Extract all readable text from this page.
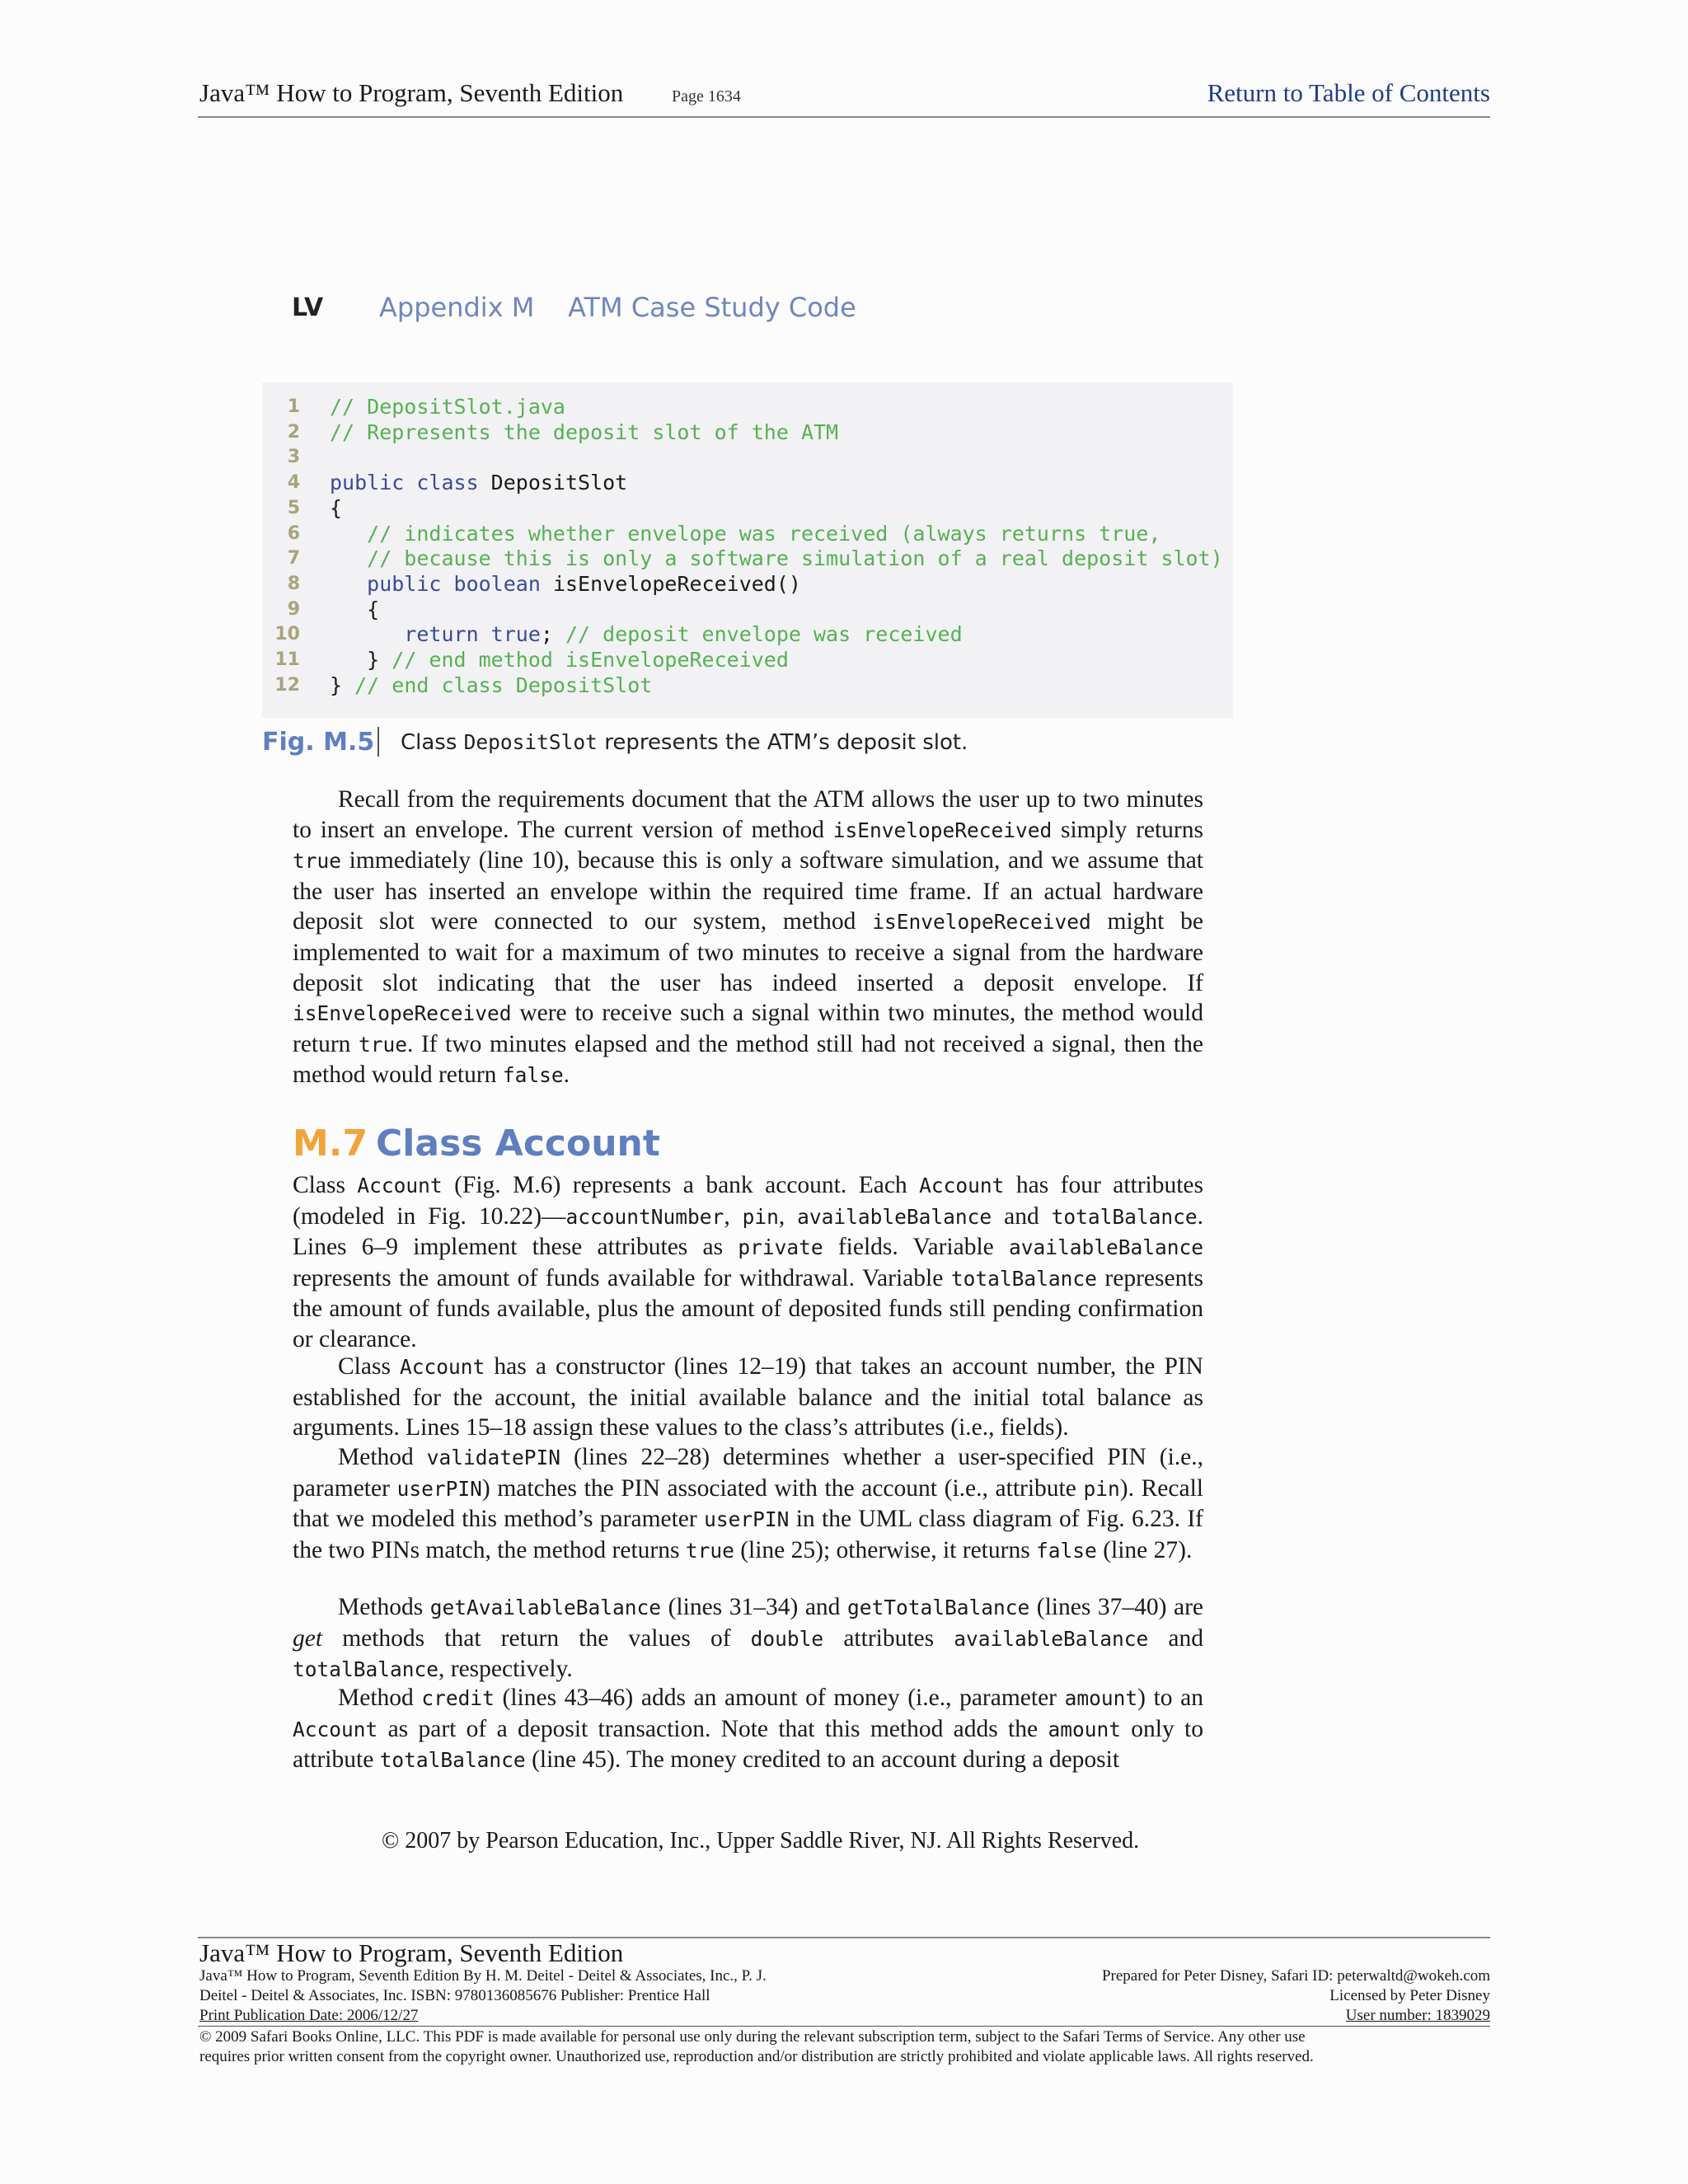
Java™ How to Program, Seventh Edition	Page 1634	Return to Table of Contents
LV Appendix M    ATM Case Study Code
1 // DepositSlot.java
2 // Represents the deposit slot of the ATM
3
4 public class DepositSlot
5 {
6 // indicates whether envelope was received (always returns true,
7 // because this is only a software simulation of a real deposit slot)
8 public boolean isEnvelopeReceived()
9 {
10 return true; // deposit envelope was received
11 } // end method isEnvelopeReceived
12 } // end class DepositSlot
Fig. M.5 Class DepositSlot represents the ATM’s deposit slot.
Recall from the requirements document that the ATM allows the user up to two minutes to insert an envelope. The current version of method isEnvelopeReceived simply returns true immediately (line 10), because this is only a software simulation, and we assume that the user has inserted an envelope within the required time frame. If an actual hardware deposit slot were connected to our system, method isEnvelopeReceived might be implemented to wait for a maximum of two minutes to receive a signal from the hardware deposit slot indicating that the user has indeed inserted a deposit envelope. If isEnvelopeReceived were to receive such a signal within two minutes, the method would return true. If two minutes elapsed and the method still had not received a signal, then the method would return false.
M.7 Class Account
Class Account (Fig. M.6) represents a bank account. Each Account has four attributes (modeled in Fig. 10.22)—accountNumber, pin, availableBalance and totalBalance. Lines 6–9 implement these attributes as private fields. Variable availableBalance represents the amount of funds available for withdrawal. Variable totalBalance represents the amount of funds available, plus the amount of deposited funds still pending confirmation or clearance.
Class Account has a constructor (lines 12–19) that takes an account number, the PIN established for the account, the initial available balance and the initial total balance as arguments. Lines 15–18 assign these values to the class’s attributes (i.e., fields).
Method validatePIN (lines 22–28) determines whether a user-specified PIN (i.e., parameter userPIN) matches the PIN associated with the account (i.e., attribute pin). Recall that we modeled this method’s parameter userPIN in the UML class diagram of Fig. 6.23. If the two PINs match, the method returns true (line 25); otherwise, it returns false (line 27).
Methods getAvailableBalance (lines 31–34) and getTotalBalance (lines 37–40) are get methods that return the values of double attributes availableBalance and totalBalance, respectively.
Method credit (lines 43–46) adds an amount of money (i.e., parameter amount) to an Account as part of a deposit transaction. Note that this method adds the amount only to attribute totalBalance (line 45). The money credited to an account during a deposit
© 2007 by Pearson Education, Inc., Upper Saddle River, NJ. All Rights Reserved.
Java™ How to Program, Seventh Edition
Java™ How to Program, Seventh Edition By H. M. Deitel - Deitel & Associates, Inc., P. J.
Deitel - Deitel & Associates, Inc. ISBN: 9780136085676 Publisher: Prentice Hall
Print Publication Date: 2006/12/27
Prepared for Peter Disney, Safari ID: peterwaltd@wokeh.com
Licensed by Peter Disney
User number: 1839029
© 2009 Safari Books Online, LLC. This PDF is made available for personal use only during the relevant subscription term, subject to the Safari Terms of Service. Any other use
requires prior written consent from the copyright owner. Unauthorized use, reproduction and/or distribution are strictly prohibited and violate applicable laws. All rights reserved.
